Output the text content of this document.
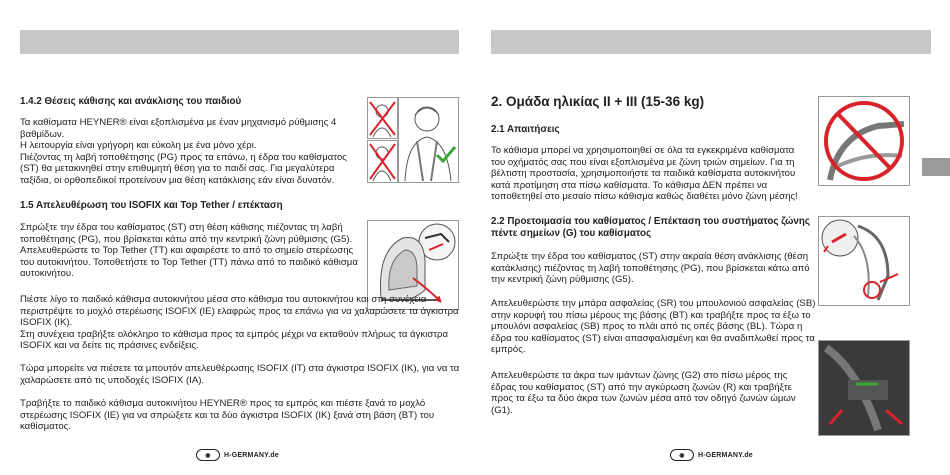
1.4.2 Θέσεις κάθισης και ανάκλισης του παιδιού

Τα καθίσματα HEYNER® είναι εξοπλισμένα με έναν μηχανισμό ρύθμισης 4 βαθμίδων.
Η λειτουργία είναι γρήγορη και εύκολη με ένα μόνο χέρι.
Πιέζοντας τη λαβή τοποθέτησης (PG) προς τα επάνω, η έδρα του καθίσματος (ST) θα μετακινηθεί στην επιθυμητή θέση για το παιδί σας. Για μεγαλύτερα ταξίδια, οι ορθοπεδικοί προτείνουν μια θέση κατάκλισης εάν είναι δυνατόν.

1.5 Απελευθέρωση του ISOFIX και Top Tether / επέκταση

Σπρώξτε την έδρα του καθίσματος (ST) στη θέση κάθισης πιέζοντας τη λαβή τοποθέτησης (PG), που βρίσκεται κάτω από την κεντρική ζώνη ρύθμισης (G5). Απελευθερώστε το Top Tether (TT) και αφαιρέστε το από το σημείο στερέωσης του αυτοκινήτου. Τοποθετήστε το Top Tether (TT) πάνω από το παιδικό κάθισμα αυτοκινήτου.

Πιέστε λίγο το παιδικό κάθισμα αυτοκινήτου μέσα στο κάθισμα του αυτοκινήτου και στη συνέχεια περιστρέψτε το μοχλό στερέωσης ISOFIX (IE) ελαφρώς προς τα επάνω για να χαλαρώσετε τα άγκιστρα ISOFIX (IK).
Στη συνέχεια τραβήξτε ολόκληρο το κάθισμα προς τα εμπρός μέχρι να εκταθούν πλήρως τα άγκιστρα ISOFIX και να δείτε τις πράσινες ενδείξεις.

Τώρα μπορείτε να πιέσετε τα μπουτόν απελευθέρωσης ISOFIX (IT) στα άγκιστρα ISOFIX (IK), για να τα χαλαρώσετε από τις υποδοχές ISOFIX (IA).

Τραβήξτε το παιδικό κάθισμα αυτοκινήτου HEYNER® προς τα εμπρός και πιέστε ξανά το μοχλό στερέωσης ISOFIX (IE) για να σπρώξετε και τα δύο άγκιστρα ISOFIX (IK) ξανά στη βάση (BT) του καθίσματος.

◉	H-GERMANY.de

2. Ομάδα ηλικίας II + III (15-36 kg)

2.1 Απαιτήσεις

Το κάθισμα μπορεί να χρησιμοποιηθεί σε όλα τα εγκεκριμένα καθίσματα του οχήματός σας που είναι εξοπλισμένα με ζώνη τριών σημείων. Για τη βέλτιστη προστασία, χρησιμοποιήστε τα παιδικά καθίσματα αυτοκινήτου κατά προτίμηση στα πίσω καθίσματα. Το κάθισμα ΔΕΝ πρέπει να τοποθετηθεί στο μεσαίο πίσω κάθισμα καθώς διαθέτει μόνο ζώνη μέσης!

2.2 Προετοιμασία του καθίσματος / Επέκταση του συστήματος ζώνης πέντε σημείων (G) του καθίσματος

Σπρώξτε την έδρα του καθίσματος (ST) στην ακραία θέση ανάκλισης (θέση κατάκλισης) πιέζοντας τη λαβή τοποθέτησης (PG), που βρίσκεται κάτω από την κεντρική ζώνη ρύθμισης (G5).

Απελευθερώστε την μπάρα ασφαλείας (SR) του μπουλονιού ασφαλείας (SB) στην κορυφή του πίσω μέρους της βάσης (BT) και τραβήξτε προς τα έξω το μπουλόνι ασφαλείας (SB) προς το πλάι από τις οπές βάσης (BL). Τώρα η έδρα του καθίσματος (ST) είναι απασφαλισμένη και θα αναδιπλωθεί προς τα εμπρός.

Απελευθερώστε τα άκρα των ιμάντων ζώνης (G2) στο πίσω μέρος της έδρας του καθίσματος (ST) από την αγκύρωση ζωνών (R) και τραβήξτε προς τα έξω τα δύο άκρα των ζωνών μέσα από τον οδηγό ζωνών ώμων (G1).

◉	H-GERMANY.de
